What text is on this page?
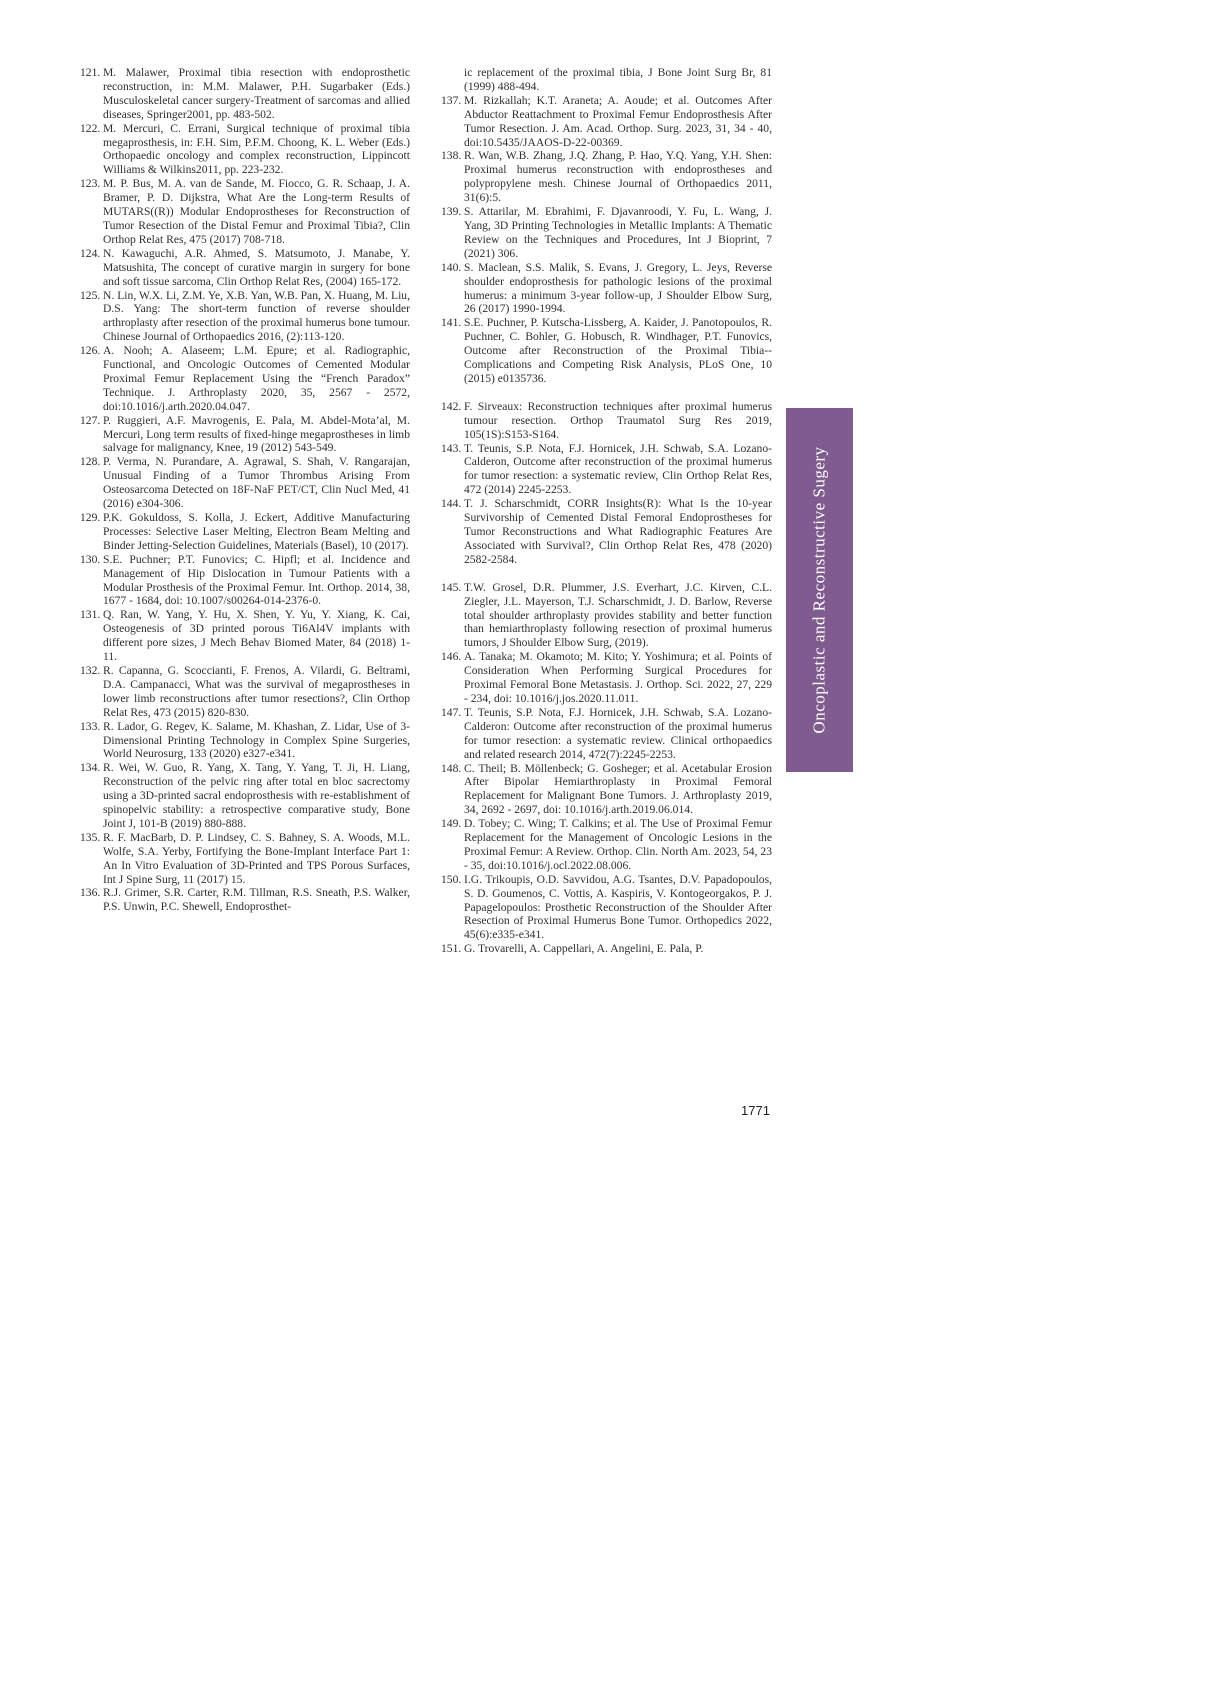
121. M. Malawer, Proximal tibia resection with endoprosthetic reconstruction, in: M.M. Malawer, P.H. Sugarbaker (Eds.) Musculoskeletal cancer surgery-Treatment of sarcomas and allied diseases, Springer2001, pp. 483-502.
122. M. Mercuri, C. Errani, Surgical technique of proximal tibia megaprosthesis, in: F.H. Sim, P.F.M. Choong, K. L. Weber (Eds.) Orthopaedic oncology and complex reconstruction, Lippincott Williams & Wilkins2011, pp. 223-232.
123. M. P. Bus, M. A. van de Sande, M. Fiocco, G. R. Schaap, J. A. Bramer, P. D. Dijkstra, What Are the Long-term Results of MUTARS((R)) Modular Endoprostheses for Reconstruction of Tumor Resection of the Distal Femur and Proximal Tibia?, Clin Orthop Relat Res, 475 (2017) 708-718.
124. N. Kawaguchi, A.R. Ahmed, S. Matsumoto, J. Manabe, Y. Matsushita, The concept of curative margin in surgery for bone and soft tissue sarcoma, Clin Orthop Relat Res, (2004) 165-172.
125. N. Lin, W.X. Li, Z.M. Ye, X.B. Yan, W.B. Pan, X. Huang, M. Liu, D.S. Yang: The short-term function of reverse shoulder arthroplasty after resection of the proximal humerus bone tumour. Chinese Journal of Orthopaedics 2016, (2):113-120.
126. A. Nooh; A. Alaseem; L.M. Epure; et al. Radiographic, Functional, and Oncologic Outcomes of Cemented Modular Proximal Femur Replacement Using the “French Paradox” Technique. J. Arthroplasty 2020, 35, 2567 - 2572, doi:10.1016/j.arth.2020.04.047.
127. P. Ruggieri, A.F. Mavrogenis, E. Pala, M. Abdel-Mota’al, M. Mercuri, Long term results of fixed-hinge megaprostheses in limb salvage for malignancy, Knee, 19 (2012) 543-549.
128. P. Verma, N. Purandare, A. Agrawal, S. Shah, V. Rangarajan, Unusual Finding of a Tumor Thrombus Arising From Osteosarcoma Detected on 18F-NaF PET/CT, Clin Nucl Med, 41 (2016) e304-306.
129. P.K. Gokuldoss, S. Kolla, J. Eckert, Additive Manufacturing Processes: Selective Laser Melting, Electron Beam Melting and Binder Jetting-Selection Guidelines, Materials (Basel), 10 (2017).
130. S.E. Puchner; P.T. Funovics; C. Hipfl; et al. Incidence and Management of Hip Dislocation in Tumour Patients with a Modular Prosthesis of the Proximal Femur. Int. Orthop. 2014, 38, 1677 - 1684, doi: 10.1007/s00264-014-2376-0.
131. Q. Ran, W. Yang, Y. Hu, X. Shen, Y. Yu, Y. Xiang, K. Cai, Osteogenesis of 3D printed porous Ti6Al4V implants with different pore sizes, J Mech Behav Biomed Mater, 84 (2018) 1-11.
132. R. Capanna, G. Scoccianti, F. Frenos, A. Vilardi, G. Beltrami, D.A. Campanacci, What was the survival of megaprostheses in lower limb reconstructions after tumor resections?, Clin Orthop Relat Res, 473 (2015) 820-830.
133. R. Lador, G. Regev, K. Salame, M. Khashan, Z. Lidar, Use of 3-Dimensional Printing Technology in Complex Spine Surgeries, World Neurosurg, 133 (2020) e327-e341.
134. R. Wei, W. Guo, R. Yang, X. Tang, Y. Yang, T. Ji, H. Liang, Reconstruction of the pelvic ring after total en bloc sacrectomy using a 3D-printed sacral endoprosthesis with re-establishment of spinopelvic stability: a retrospective comparative study, Bone Joint J, 101-B (2019) 880-888.
135. R. F. MacBarb, D. P. Lindsey, C. S. Bahney, S. A. Woods, M.L. Wolfe, S.A. Yerby, Fortifying the Bone-Implant Interface Part 1: An In Vitro Evaluation of 3D-Printed and TPS Porous Surfaces, Int J Spine Surg, 11 (2017) 15.
136. R.J. Grimer, S.R. Carter, R.M. Tillman, R.S. Sneath, P.S. Walker, P.S. Unwin, P.C. Shewell, Endoprosthet-
ic replacement of the proximal tibia, J Bone Joint Surg Br, 81 (1999) 488-494.
137. M. Rizkallah; K.T. Araneta; A. Aoude; et al. Outcomes After Abductor Reattachment to Proximal Femur Endoprosthesis After Tumor Resection. J. Am. Acad. Orthop. Surg. 2023, 31, 34 - 40, doi:10.5435/JAAOS-D-22-00369.
138. R. Wan, W.B. Zhang, J.Q. Zhang, P. Hao, Y.Q. Yang, Y.H. Shen: Proximal humerus reconstruction with endoprostheses and polypropylene mesh. Chinese Journal of Orthopaedics 2011, 31(6):5.
139. S. Attarilar, M. Ebrahimi, F. Djavanroodi, Y. Fu, L. Wang, J. Yang, 3D Printing Technologies in Metallic Implants: A Thematic Review on the Techniques and Procedures, Int J Bioprint, 7 (2021) 306.
140. S. Maclean, S.S. Malik, S. Evans, J. Gregory, L. Jeys, Reverse shoulder endoprosthesis for pathologic lesions of the proximal humerus: a minimum 3-year follow-up, J Shoulder Elbow Surg, 26 (2017) 1990-1994.
141. S.E. Puchner, P. Kutscha-Lissberg, A. Kaider, J. Panotopoulos, R. Puchner, C. Bohler, G. Hobusch, R. Windhager, P.T. Funovics, Outcome after Reconstruction of the Proximal Tibia--Complications and Competing Risk Analysis, PLoS One, 10 (2015) e0135736.
142. F. Sirveaux: Reconstruction techniques after proximal humerus tumour resection. Orthop Traumatol Surg Res 2019, 105(1S):S153-S164.
143. T. Teunis, S.P. Nota, F.J. Hornicek, J.H. Schwab, S.A. Lozano-Calderon, Outcome after reconstruction of the proximal humerus for tumor resection: a systematic review, Clin Orthop Relat Res, 472 (2014) 2245-2253.
144. T. J. Scharschmidt, CORR Insights(R): What Is the 10-year Survivorship of Cemented Distal Femoral Endoprostheses for Tumor Reconstructions and What Radiographic Features Are Associated with Survival?, Clin Orthop Relat Res, 478 (2020) 2582-2584.
145. T.W. Grosel, D.R. Plummer, J.S. Everhart, J.C. Kirven, C.L. Ziegler, J.L. Mayerson, T.J. Scharschmidt, J. D. Barlow, Reverse total shoulder arthroplasty provides stability and better function than hemiarthroplasty following resection of proximal humerus tumors, J Shoulder Elbow Surg, (2019).
146. A. Tanaka; M. Okamoto; M. Kito; Y. Yoshimura; et al. Points of Consideration When Performing Surgical Procedures for Proximal Femoral Bone Metastasis. J. Orthop. Sci. 2022, 27, 229 - 234, doi: 10.1016/j.jos.2020.11.011.
147. T. Teunis, S.P. Nota, F.J. Hornicek, J.H. Schwab, S.A. Lozano-Calderon: Outcome after reconstruction of the proximal humerus for tumor resection: a systematic review. Clinical orthopaedics and related research 2014, 472(7):2245-2253.
148. C. Theil; B. Möllenbeck; G. Gosheger; et al. Acetabular Erosion After Bipolar Hemiarthroplasty in Proximal Femoral Replacement for Malignant Bone Tumors. J. Arthroplasty 2019, 34, 2692 - 2697, doi: 10.1016/j.arth.2019.06.014.
149. D. Tobey; C. Wing; T. Calkins; et al. The Use of Proximal Femur Replacement for the Management of Oncologic Lesions in the Proximal Femur: A Review. Orthop. Clin. North Am. 2023, 54, 23 - 35, doi:10.1016/j.ocl.2022.08.006.
150. I.G. Trikoupis, O.D. Savvidou, A.G. Tsantes, D.V. Papadopoulos, S. D. Goumenos, C. Vottis, A. Kaspiris, V. Kontogeorgakos, P. J. Papagelopoulos: Prosthetic Reconstruction of the Shoulder After Resection of Proximal Humerus Bone Tumor. Orthopedics 2022, 45(6):e335-e341.
151. G. Trovarelli, A. Cappellari, A. Angelini, E. Pala, P.
Oncoplastic and Reconstructive Sugery
1771
